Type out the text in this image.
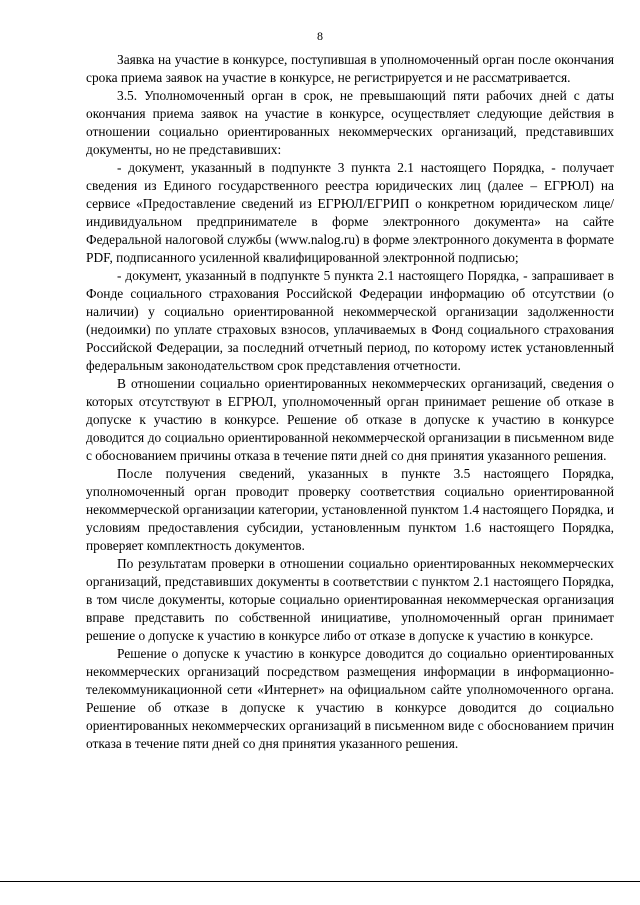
8

Заявка на участие в конкурсе, поступившая в уполномоченный орган после окончания срока приема заявок на участие в конкурсе, не регистрируется и не рассматривается.

3.5. Уполномоченный орган в срок, не превышающий пяти рабочих дней с даты окончания приема заявок на участие в конкурсе, осуществляет следующие действия в отношении социально ориентированных некоммерческих организаций, представивших документы, но не представивших:

- документ, указанный в подпункте 3 пункта 2.1 настоящего Порядка, - получает сведения из Единого государственного реестра юридических лиц (далее – ЕГРЮЛ) на сервисе «Предоставление сведений из ЕГРЮЛ/ЕГРИП о конкретном юридическом лице/индивидуальном предпринимателе в форме электронного документа» на сайте Федеральной налоговой службы (www.nalog.ru) в форме электронного документа в формате PDF, подписанного усиленной квалифицированной электронной подписью;

- документ, указанный в подпункте 5 пункта 2.1 настоящего Порядка, - запрашивает в Фонде социального страхования Российской Федерации информацию об отсутствии (о наличии) у социально ориентированной некоммерческой организации задолженности (недоимки) по уплате страховых взносов, уплачиваемых в Фонд социального страхования Российской Федерации, за последний отчетный период, по которому истек установленный федеральным законодательством срок представления отчетности.

В отношении социально ориентированных некоммерческих организаций, сведения о которых отсутствуют в ЕГРЮЛ, уполномоченный орган принимает решение об отказе в допуске к участию в конкурсе. Решение об отказе в допуске к участию в конкурсе доводится до социально ориентированной некоммерческой организации в письменном виде с обоснованием причины отказа в течение пяти дней со дня принятия указанного решения.

После получения сведений, указанных в пункте 3.5 настоящего Порядка, уполномоченный орган проводит проверку соответствия социально ориентированной некоммерческой организации категории, установленной пунктом 1.4 настоящего Порядка, и условиям предоставления субсидии, установленным пунктом 1.6 настоящего Порядка, проверяет комплектность документов.

По результатам проверки в отношении социально ориентированных некоммерческих организаций, представивших документы в соответствии с пунктом 2.1 настоящего Порядка, в том числе документы, которые социально ориентированная некоммерческая организация вправе представить по собственной инициативе, уполномоченный орган принимает решение о допуске к участию в конкурсе либо от отказе в допуске к участию в конкурсе.

Решение о допуске к участию в конкурсе доводится до социально ориентированных некоммерческих организаций посредством размещения информации в информационно-телекоммуникационной сети «Интернет» на официальном сайте уполномоченного органа. Решение об отказе в допуске к участию в конкурсе доводится до социально ориентированных некоммерческих организаций в письменном виде с обоснованием причин отказа в течение пяти дней со дня принятия указанного решения.
